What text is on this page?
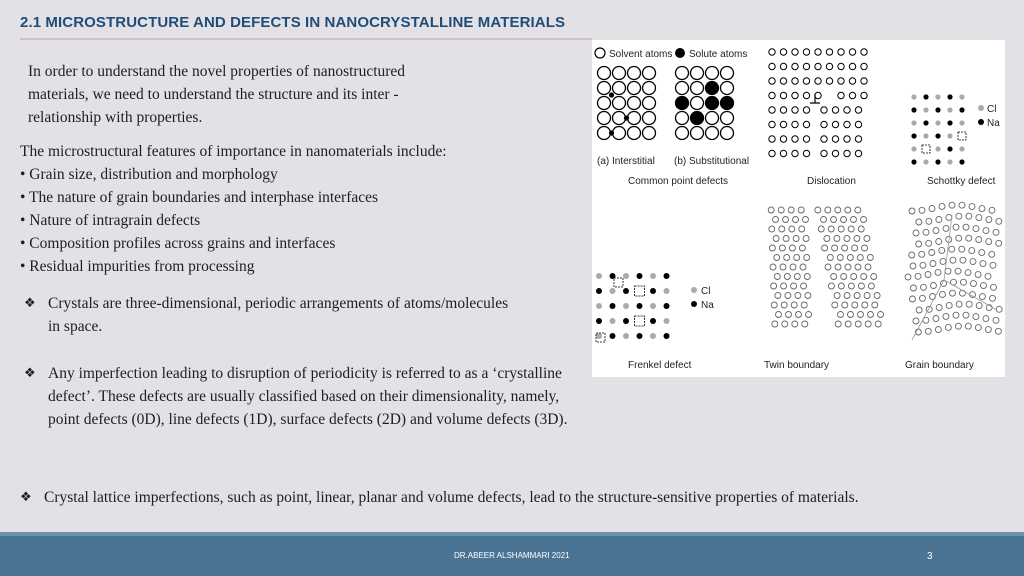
2.1 MICROSTRUCTURE AND DEFECTS IN NANOCRYSTALLINE MATERIALS
In order to understand the novel properties of nanostructured
materials, we need to understand the structure and its inter -
relationship with properties.
The microstructural features of importance in nanomaterials include:
• Grain size, distribution and morphology
• The nature of grain boundaries and interphase interfaces
• Nature of intragrain defects
• Composition profiles across grains and interfaces
• Residual impurities from processing
❖ Crystals are three-dimensional, periodic arrangements of atoms/molecules in space.
❖ Any imperfection leading to disruption of periodicity is referred to as a ‘crystalline defect’. These defects are usually classified based on their dimensionality, namely, point defects (0D), line defects (1D), surface defects (2D) and volume defects (3D).
❖ Crystal lattice imperfections, such as point, linear, planar and volume defects, lead to the structure-sensitive properties of materials.
Solvent atoms Solute atoms
(a) Interstitial (b) Substitutional
Common point defects	Dislocation	Schottky defect
Frenkel defect	Twin boundary	Grain boundary
Cl
Na
Cl
Na
DR.ABEER ALSHAMMARI 2021	3
